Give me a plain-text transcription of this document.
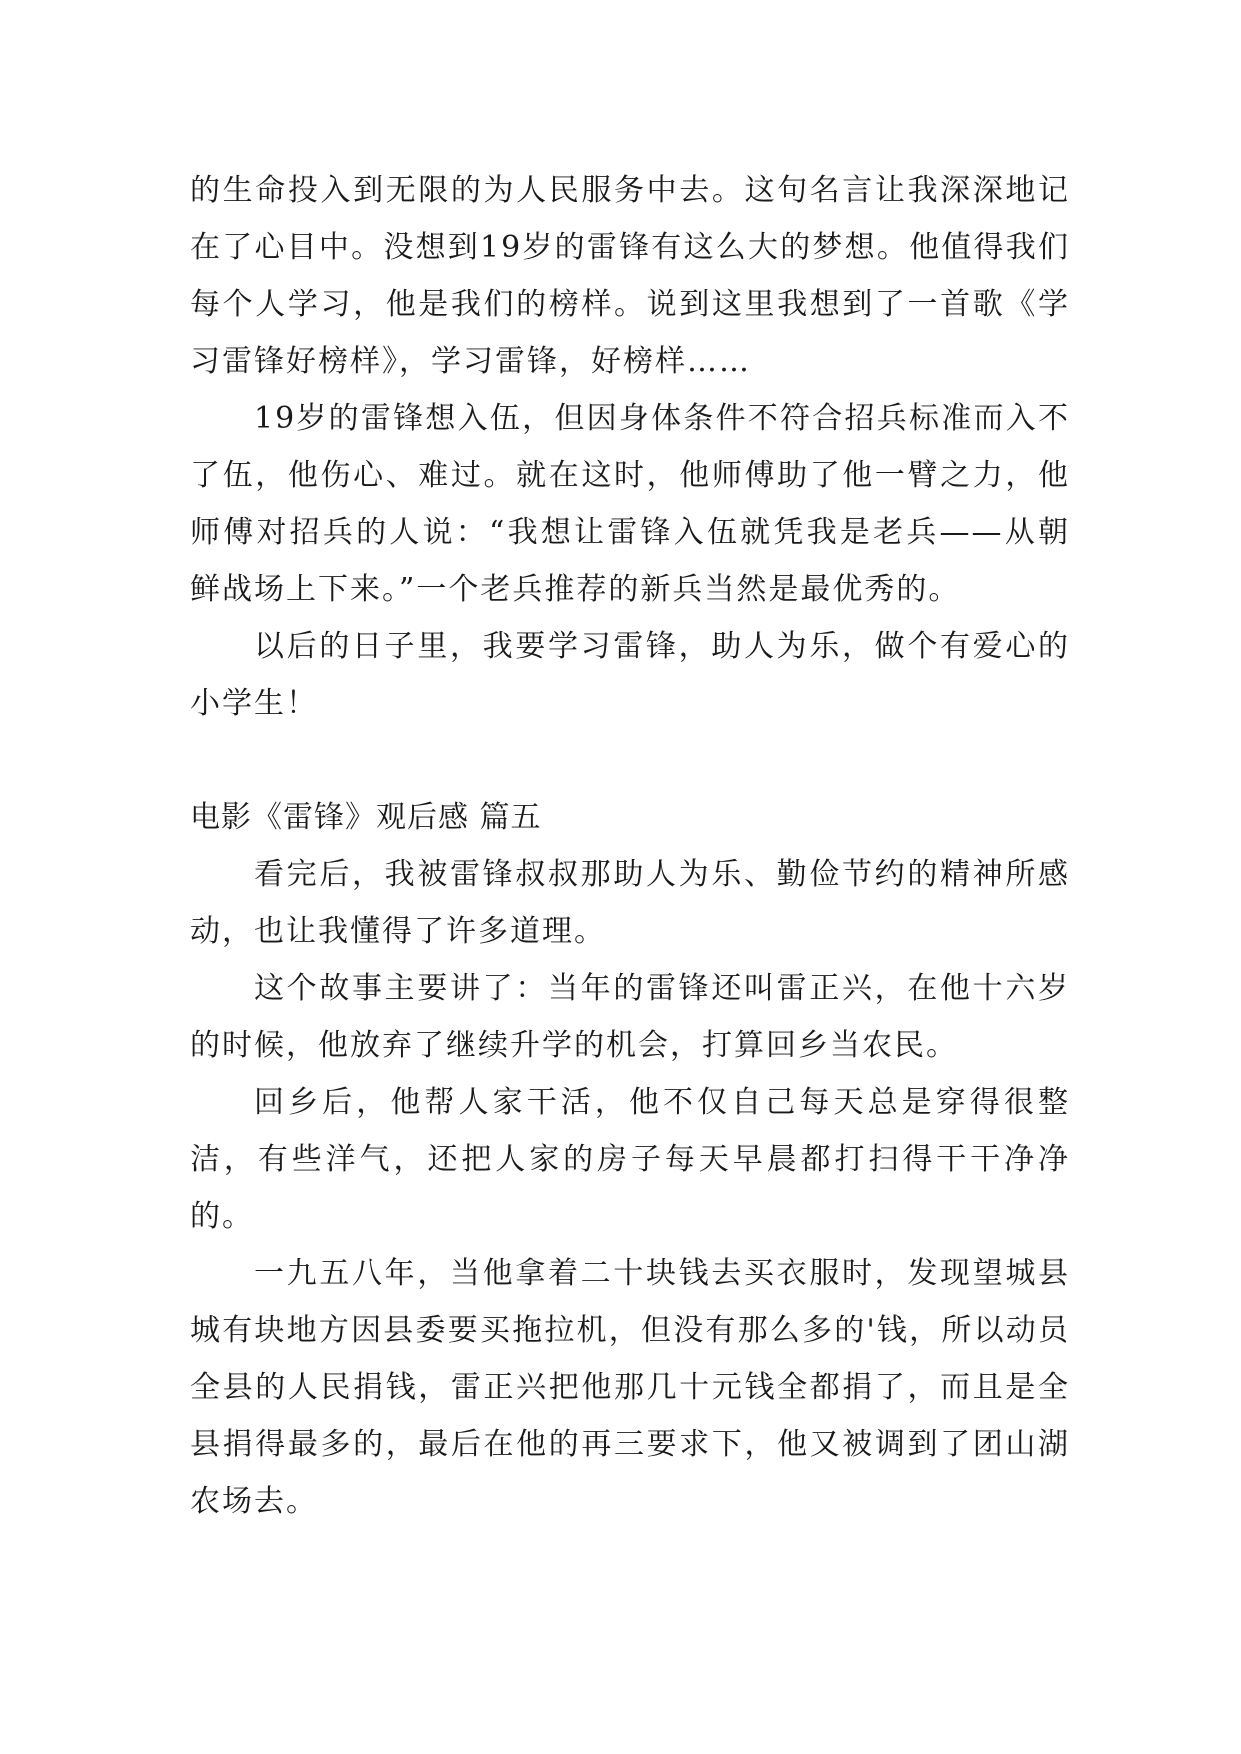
的生命投入到无限的为人民服务中去。这句名言让我深深地记在了心目中。没想到19岁的雷锋有这么大的梦想。他值得我们每个人学习，他是我们的榜样。说到这里我想到了一首歌《学习雷锋好榜样》，学习雷锋，好榜样……

19岁的雷锋想入伍，但因身体条件不符合招兵标准而入不了伍，他伤心、难过。就在这时，他师傅助了他一臂之力，他师傅对招兵的人说：“我想让雷锋入伍就凭我是老兵——从朝鲜战场上下来。”一个老兵推荐的新兵当然是最优秀的。

以后的日子里，我要学习雷锋，助人为乐，做个有爱心的小学生！

电影《雷锋》观后感 篇五

看完后，我被雷锋叔叔那助人为乐、勤俭节约的精神所感动，也让我懂得了许多道理。

这个故事主要讲了：当年的雷锋还叫雷正兴，在他十六岁的时候，他放弃了继续升学的机会，打算回乡当农民。

回乡后，他帮人家干活，他不仅自己每天总是穿得很整洁，有些洋气，还把人家的房子每天早晨都打扫得干干净净的。

一九五八年，当他拿着二十块钱去买衣服时，发现望城县城有块地方因县委要买拖拉机，但没有那么多的'钱，所以动员全县的人民捐钱，雷正兴把他那几十元钱全都捐了，而且是全县捐得最多的，最后在他的再三要求下，他又被调到了团山湖农场去。
